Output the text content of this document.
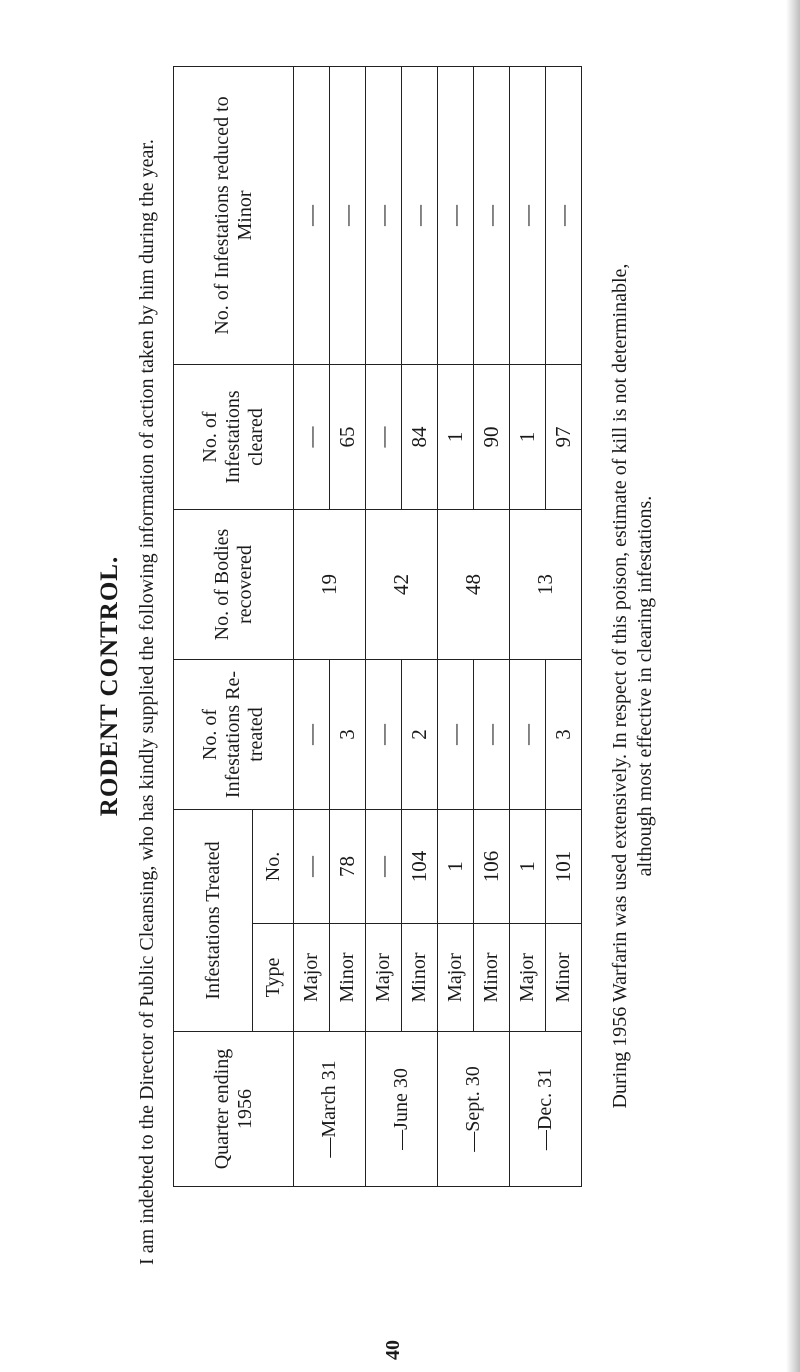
RODENT CONTROL. I am indebted to the Director of Public Cleansing, who has kindly supplied the following information of action taken by him during the year.	Quarter ending 1956	Infestations Treated		No. of Infestations Re-treated	No. of Bodies recovered	No. of Infestations cleared	No. of Infestations reduced to Minor
	Type	No.				
—March 31	Major	—	—	19	—	—
	Minor	78	3		65	—
—June 30	Major	—	—	42	—	—
	Minor	104	2		84	—
—Sept. 30	Major	1	—	48	1	—
	Minor	106	—		90	—
—Dec. 31	Major	1	—	13	1	—
	Minor	101	3		97	—

During 1956 Warfarin was used extensively. In respect of this poison, estimate of kill is not determinable, although most effective in clearing infestations.

40
